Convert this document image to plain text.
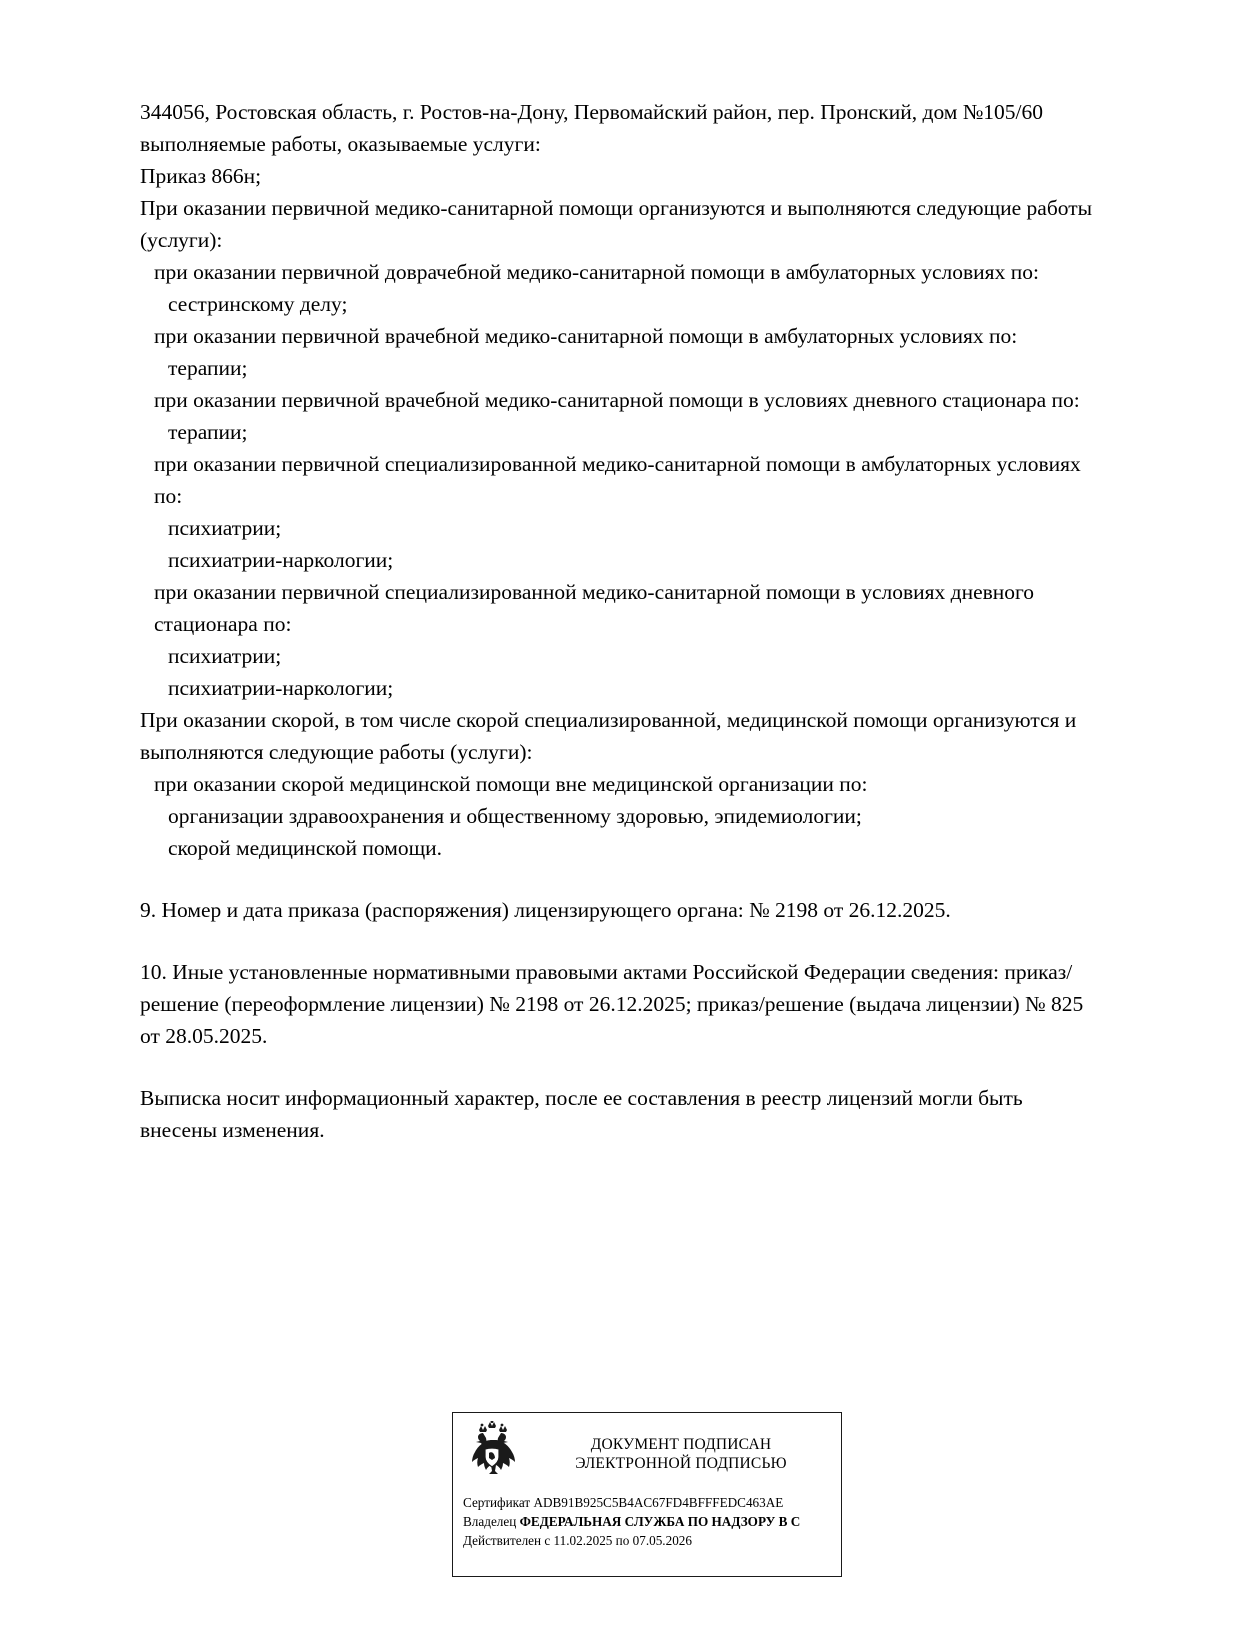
344056, Ростовская область, г. Ростов-на-Дону, Первомайский район, пер. Пронский, дом №105/60

выполняемые работы, оказываемые услуги:

Приказ 866н;

При оказании первичной медико-санитарной помощи организуются и выполняются следующие работы (услуги):

при оказании первичной доврачебной медико-санитарной помощи в амбулаторных условиях по:

сестринскому делу;

при оказании первичной врачебной медико-санитарной помощи в амбулаторных условиях по:

терапии;

при оказании первичной врачебной медико-санитарной помощи в условиях дневного стационара по:

терапии;

при оказании первичной специализированной медико-санитарной помощи в амбулаторных условиях по:

психиатрии;

психиатрии-наркологии;

при оказании первичной специализированной медико-санитарной помощи в условиях дневного стационара по:

психиатрии;

психиатрии-наркологии;

При оказании скорой, в том числе скорой специализированной, медицинской помощи организуются и выполняются следующие работы (услуги):

при оказании скорой медицинской помощи вне медицинской организации по:

организации здравоохранения и общественному здоровью, эпидемиологии;

скорой медицинской помощи.

9. Номер и дата приказа (распоряжения) лицензирующего органа: № 2198 от 26.12.2025.

10. Иные установленные нормативными правовыми актами Российской Федерации сведения: приказ/решение (переоформление лицензии) № 2198 от 26.12.2025; приказ/решение (выдача лицензии) № 825 от 28.05.2025.

Выписка носит информационный характер, после ее составления в реестр лицензий могли быть внесены изменения.

ДОКУМЕНТ ПОДПИСАН
ЭЛЕКТРОННОЙ ПОДПИСЬЮ
Сертификат ADB91B925C5B4AC67FD4BFFFEDC463AE
Владелец ФЕДЕРАЛЬНАЯ СЛУЖБА ПО НАДЗОРУ В С
Действителен с 11.02.2025 по 07.05.2026
